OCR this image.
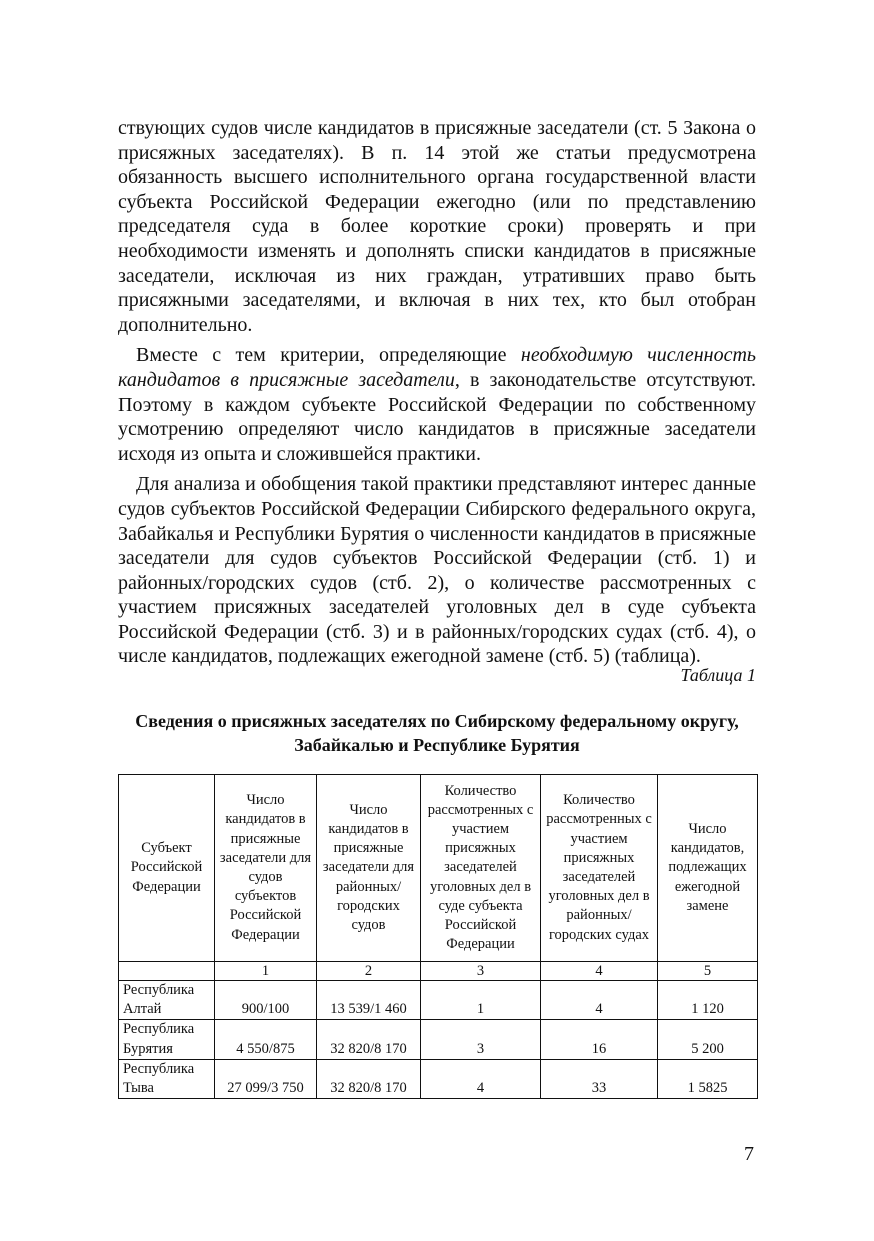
ствующих судов числе кандидатов в присяжные заседатели (ст. 5 Закона о присяжных заседателях). В п. 14 этой же статьи предусмотрена обязанность высшего исполнительного органа государственной власти субъекта Российской Федерации ежегодно (или по представлению председателя суда в более короткие сроки) проверять и при необходимости изменять и дополнять списки кандидатов в присяжные заседатели, исключая из них граждан, утративших право быть присяжными заседателями, и включая в них тех, кто был отобран дополнительно.

Вместе с тем критерии, определяющие необходимую численность кандидатов в присяжные заседатели, в законодательстве отсутствуют. Поэтому в каждом субъекте Российской Федерации по собственному усмотрению определяют число кандидатов в присяжные заседатели исходя из опыта и сложившейся практики.

Для анализа и обобщения такой практики представляют интерес данные судов субъектов Российской Федерации Сибирского федерального округа, Забайкалья и Республики Бурятия о численности кандидатов в присяжные заседатели для судов субъектов Российской Федерации (стб. 1) и районных/городских судов (стб. 2), о количестве рассмотренных с участием присяжных заседателей уголовных дел в суде субъекта Российской Федерации (стб. 3) и в районных/городских судах (стб. 4), о числе кандидатов, подлежащих ежегодной замене (стб. 5) (таблица).

Таблица 1
Сведения о присяжных заседателях по Сибирскому федеральному округу, Забайкалью и Республике Бурятия
Субъект Российской Федерации	Число кандидатов в присяжные заседатели для судов субъектов Российской Федерации	Число кандидатов в присяжные заседатели для районных/городских судов	Количество рассмотренных с участием присяжных заседателей уголовных дел в суде субъекта Российской Федерации	Количество рассмотренных с участием присяжных заседателей уголовных дел в районных/ городских судах	Число кандидатов, подлежащих ежегодной замене
	1	2	3	4	5
Республика Алтай	900/100	13 539/1 460	1	4	1 120
Республика Бурятия	4 550/875	32 820/8 170	3	16	5 200
Республика Тыва	27 099/3 750	32 820/8 170	4	33	1 5825
7
